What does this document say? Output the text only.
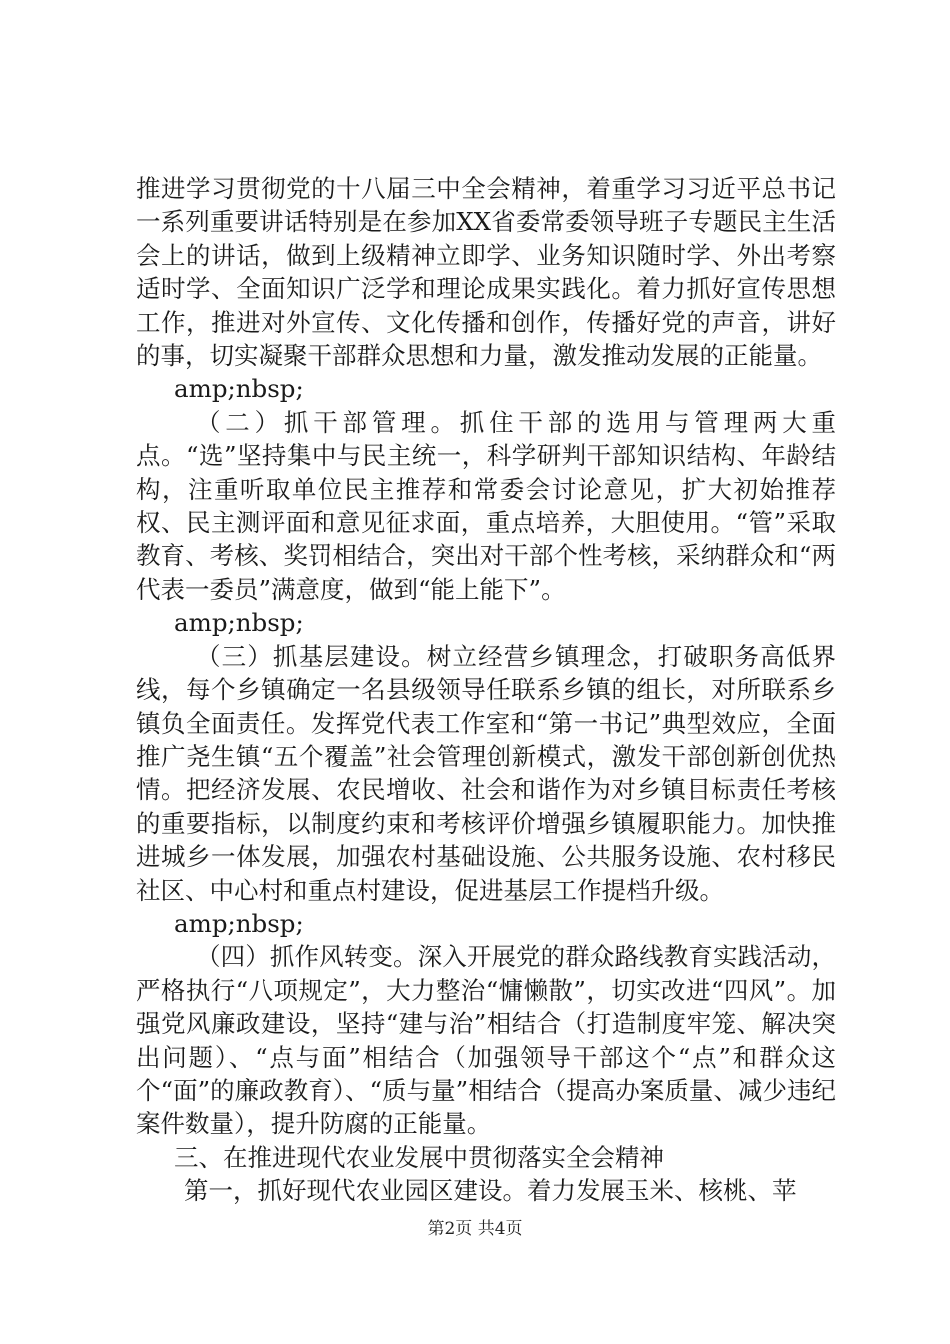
推进学习贯彻党的十八届三中全会精神，着重学习习近平总书记一系列重要讲话特别是在参加XX省委常委领导班子专题民主生活会上的讲话，做到上级精神立即学、业务知识随时学、外出考察适时学、全面知识广泛学和理论成果实践化。着力抓好宣传思想工作，推进对外宣传、文化传播和创作，传播好党的声音，讲好的事，切实凝聚干部群众思想和力量，激发推动发展的正能量。

amp;nbsp;

（二）抓干部管理。抓住干部的选用与管理两大重点。“选”坚持集中与民主统一，科学研判干部知识结构、年龄结构，注重听取单位民主推荐和常委会讨论意见，扩大初始推荐权、民主测评面和意见征求面，重点培养，大胆使用。“管”采取教育、考核、奖罚相结合，突出对干部个性考核，采纳群众和“两代表一委员”满意度，做到“能上能下”。

amp;nbsp;

（三）抓基层建设。树立经营乡镇理念，打破职务高低界线，每个乡镇确定一名县级领导任联系乡镇的组长，对所联系乡镇负全面责任。发挥党代表工作室和“第一书记”典型效应，全面推广尧生镇“五个覆盖”社会管理创新模式，激发干部创新创优热情。把经济发展、农民增收、社会和谐作为对乡镇目标责任考核的重要指标，以制度约束和考核评价增强乡镇履职能力。加快推进城乡一体发展，加强农村基础设施、公共服务设施、农村移民社区、中心村和重点村建设，促进基层工作提档升级。

amp;nbsp;

（四）抓作风转变。深入开展党的群众路线教育实践活动，严格执行“八项规定”，大力整治“慵懒散”，切实改进“四风”。加强党风廉政建设，坚持“建与治”相结合（打造制度牢笼、解决突出问题）、“点与面”相结合（加强领导干部这个“点”和群众这个“面”的廉政教育）、“质与量”相结合（提高办案质量、减少违纪案件数量），提升防腐的正能量。

三、在推进现代农业发展中贯彻落实全会精神

第一，抓好现代农业园区建设。着力发展玉米、核桃、苹

第2页 共4页
